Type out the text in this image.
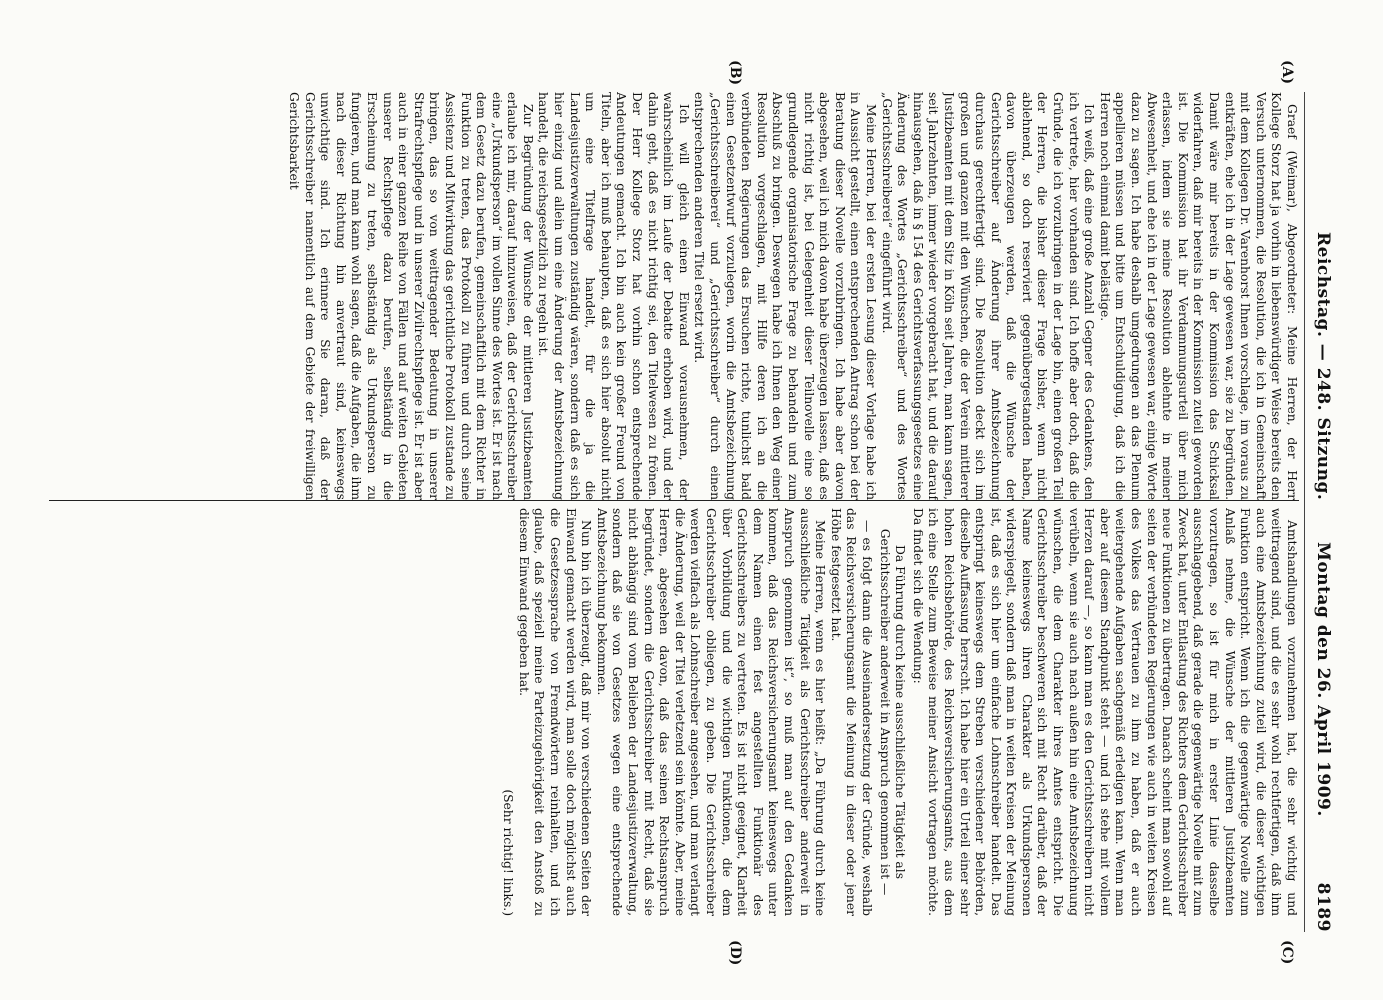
Reichstag. — 248. Sitzung.
Montag den 26. April 1909.
8189
(A)
(B)
(C)
(D)

Graef (Weimar), Abgeordneter: Meine Herren, der Herr Kollege Storz hat ja vorhin in liebenswürdiger Weise bereits den Versuch unternommen, die Resolution, die ich in Gemeinschaft mit dem Kollegen Dr. Varenhorst Ihnen vorschlage, im voraus zu entkräften, ehe ich in der Lage gewesen war, sie zu begründen. Damit wäre mir bereits in der Kommission das Schicksal widerfahren, daß mir bereits in der Kommission zuteil geworden ist. Die Kommission hat ihr Verdammungsurteil über mich erlassen, indem sie meine Resolution ablehnte in meiner Abwesenheit, und ehe ich in der Lage gewesen war, einige Worte dazu zu sagen. Ich habe deshalb umgedrungen an das Plenum appellieren müssen und bitte um Entschuldigung, daß ich die Herren noch einmal damit belästige.

Ich weiß, daß eine große Anzahl Gegner des Gedankens, den ich vertrete, hier vorhanden sind. Ich hoffe aber doch, daß die Gründe, die ich vorzubringen in der Lage bin, einen großen Teil der Herren, die bisher dieser Frage bisher, wenn nicht ablehnend, so doch reserviert gegenübergestanden haben, davon überzeugen werden, daß die Wünsche der Gerichtsschreiber auf Änderung ihrer Amtsbezeichnung durchaus gerechtfertigt sind. Die Resolution deckt sich im großen und ganzen mit den Wünschen, die der Verein mittlerer Justizbeamten mit dem Sitz in Köln seit Jahren, man kann sagen, seit Jahrzehnten, immer wieder vorgebracht hat, und die darauf hinausgehen, daß in § 154 des Gerichtsverfassungsgesetzes eine Änderung des Wortes „Gerichtsschreiber“ und des Wortes „Gerichtsschreiberei“ eingeführt wird.

Meine Herren, bei der ersten Lesung dieser Vorlage habe ich in Aussicht gestellt, einen entsprechenden Antrag schon bei der Beratung dieser Novelle vorzubringen. Ich habe aber davon abgesehen, weil ich mich davon habe überzeugen lassen, daß es nicht richtig ist, bei Gelegenheit dieser Teilnovelle eine so grundlegende organisatorische Frage zu behandeln und zum Abschluß zu bringen. Deswegen habe ich Ihnen den Weg einer Resolution vorgeschlagen, mit Hilfe deren ich an die verbündeten Regierungen das Ersuchen richte, tunlichst bald einen Gesetzentwurf vorzulegen, worin die Amtsbezeichnung „Gerichtsschreiberei“ und „Gerichtsschreiber“ durch einen entsprechenden anderen Titel ersetzt wird.

Ich will gleich einen Einwand vorausnehmen, der wahrscheinlich im Laufe der Debatte erhoben wird, und der dahin geht, daß es nicht richtig sei, den Titelwesen zu frönen. Der Herr Kollege Storz hat vorhin schon entsprechende Andeutungen gemacht. Ich bin auch kein großer Freund von Titeln, aber ich muß behaupten, daß es sich hier absolut nicht um eine Titelfrage handelt, für die ja die Landesjustizverwaltungen zuständig wären, sondern daß es sich hier einzig und allein um eine Änderung der Amtsbezeichnung handelt, die reichsgesetzlich zu regeln ist.

Zur Begründung der Wünsche der mittleren Justizbeamten erlaube ich mir, darauf hinzuweisen, daß der Gerichtsschreiber eine „Urkundsperson“ im vollen Sinne des Wortes ist. Er ist nach dem Gesetz dazu berufen, gemeinschaftlich mit dem Richter in Funktion zu treten, das Protokoll zu führen und durch seine Assistenz und Mitwirkung das gerichtliche Protokoll zustande zu bringen, das so von weittragender Bedeutung in unserer Strafrechtspflege und in unserer Zivilrechtspflege ist. Er ist aber auch in einer ganzen Reihe von Fällen und auf weiten Gebieten unserer Rechtspflege dazu berufen, selbständig in die Erscheinung zu treten, selbständig als Urkundsperson zu fungieren, und man kann wohl sagen, daß die Aufgaben, die ihm nach dieser Richtung hin anvertraut sind, keineswegs unwichtige sind. Ich erinnere Sie daran, daß der Gerichtsschreiber namentlich auf dem Gebiete der freiwilligen Gerichtsbarkeit

Amtshandlungen vorzunehmen hat, die sehr wichtig und weittragend sind, und die es sehr wohl rechtfertigen, daß ihm auch eine Amtsbezeichnung zuteil wird, die dieser wichtigen Funktion entspricht. Wenn ich die gegenwärtige Novelle zum Anlaß nehme, die Wünsche der mittleren Justizbeamten vorzutragen, so ist für mich in erster Linie dasselbe ausschlaggebend, daß gerade die gegenwärtige Novelle mit zum Zweck hat, unter Entlastung des Richters dem Gerichtsschreiber neue Funktionen zu übertragen. Danach scheint man sowohl auf seiten der verbündeten Regierungen wie auch in weiten Kreisen des Volkes das Vertrauen zu ihm zu haben, daß er auch weitergehende Aufgaben sachgemäß erledigen kann. Wenn man aber auf diesem Standpunkt steht — und ich stehe mit vollem Herzen darauf —, so kann man es den Gerichtsschreibern nicht verübeln, wenn sie auch nach außen hin eine Amtsbezeichnung wünschen, die dem Charakter ihres Amtes entspricht. Die Gerichtsschreiber beschweren sich mit Recht darüber, daß der Name keineswegs ihren Charakter als Urkundspersonen widerspiegelt, sondern daß man in weiten Kreisen der Meinung ist, daß es sich hier um einfache Lohnschreiber handelt. Das entspringt keineswegs dem Streben verschiedener Behörden, dieselbe Auffassung herrscht. Ich habe hier ein Urteil einer sehr hohen Reichsbehörde, des Reichsversicherungsamts, aus dem ich eine Stelle zum Beweise meiner Ansicht vortragen möchte. Da findet sich die Wendung:

Da Führung durch keine ausschließliche Tätigkeit als Gerichtsschreiber anderweit in Anspruch genommen ist —

— es folgt dann die Auseinandersetzung der Gründe, weshalb das Reichsversicherungsamt die Meinung in dieser oder jener Höhe festgesetzt hat.

Meine Herren, wenn es hier heißt: „Da Führung durch keine ausschließliche Tätigkeit als Gerichtsschreiber anderweit in Anspruch genommen ist“, so muß man auf den Gedanken kommen, daß das Reichsversicherungsamt keineswegs unter dem Namen einen fest angestellten Funktionär des Gerichtsschreibers zu vertreten. Es ist nicht geeignet, Klarheit über Vorbildung und die wichtigen Funktionen, die dem Gerichtsschreiber obliegen, zu geben. Die Gerichtsschreiber werden vielfach als Lohnschreiber angesehen, und man verlangt die Änderung, weil der Titel verletzend sein könnte. Aber, meine Herren, abgesehen davon, daß das seinen Rechtsanspruch begründet, sondern die Gerichtsschreiber mit Recht, daß sie nicht abhängig sind vom Belieben der Landesjustizverwaltung, sondern daß sie von Gesetzes wegen eine entsprechende Amtsbezeichnung bekommen.

Nun bin ich überzeugt, daß mir von verschiedenen Seiten der Einwand gemacht werden wird, man solle doch möglichst auch die Gesetzessprache von Fremdwörtern reinhalten, und ich glaube, daß speziell meine Parteizugehörigkeit den Anstoß zu diesem Einwand gegeben hat.

(Sehr richtig! links.)
